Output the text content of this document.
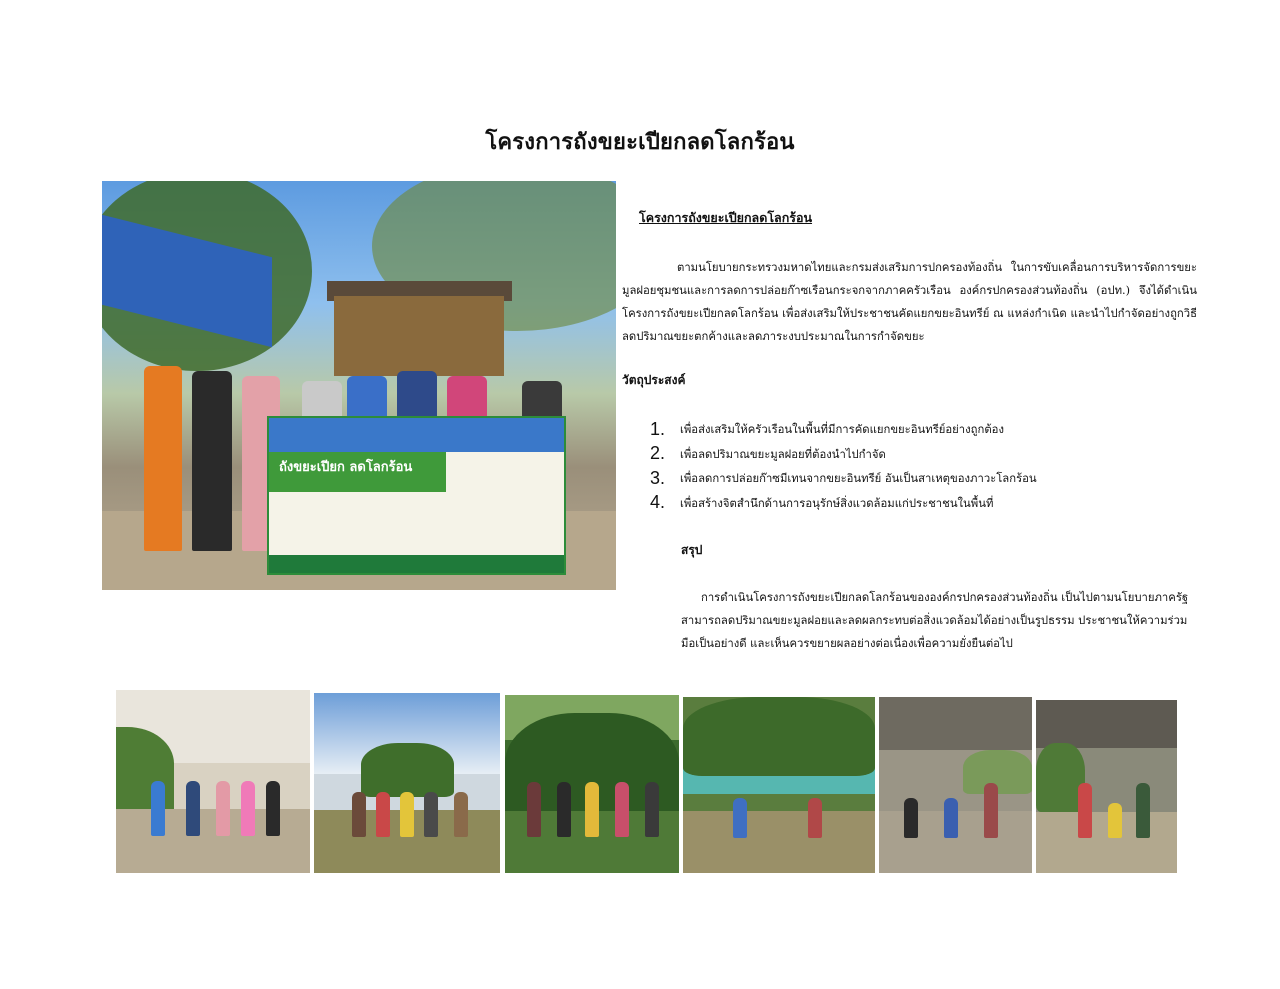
โครงการถังขยะเปียกลดโลกร้อน
ถังขยะเปียก ลดโลกร้อน
โครงการถังขยะเปียกลดโลกร้อน
ตามนโยบายกระทรวงมหาดไทยและกรมส่งเสริมการปกครองท้องถิ่น ในการขับเคลื่อนการบริหารจัดการขยะมูลฝอยชุมชนและการลดการปล่อยก๊าซเรือนกระจกจากภาคครัวเรือน องค์กรปกครองส่วนท้องถิ่น (อปท.) จึงได้ดำเนินโครงการถังขยะเปียกลดโลกร้อน เพื่อส่งเสริมให้ประชาชนคัดแยกขยะอินทรีย์ ณ แหล่งกำเนิด และนำไปกำจัดอย่างถูกวิธี ลดปริมาณขยะตกค้างและลดภาระงบประมาณในการกำจัดขยะ
วัตถุประสงค์
1.	เพื่อส่งเสริมให้ครัวเรือนในพื้นที่มีการคัดแยกขยะอินทรีย์อย่างถูกต้อง
2.	เพื่อลดปริมาณขยะมูลฝอยที่ต้องนำไปกำจัด
3.	เพื่อลดการปล่อยก๊าซมีเทนจากขยะอินทรีย์ อันเป็นสาเหตุของภาวะโลกร้อน
4.	เพื่อสร้างจิตสำนึกด้านการอนุรักษ์สิ่งแวดล้อมแก่ประชาชนในพื้นที่
สรุป
การดำเนินโครงการถังขยะเปียกลดโลกร้อนขององค์กรปกครองส่วนท้องถิ่น เป็นไปตามนโยบายภาครัฐ สามารถลดปริมาณขยะมูลฝอยและลดผลกระทบต่อสิ่งแวดล้อมได้อย่างเป็นรูปธรรม ประชาชนให้ความร่วมมือเป็นอย่างดี และเห็นควรขยายผลอย่างต่อเนื่องเพื่อความยั่งยืนต่อไป
